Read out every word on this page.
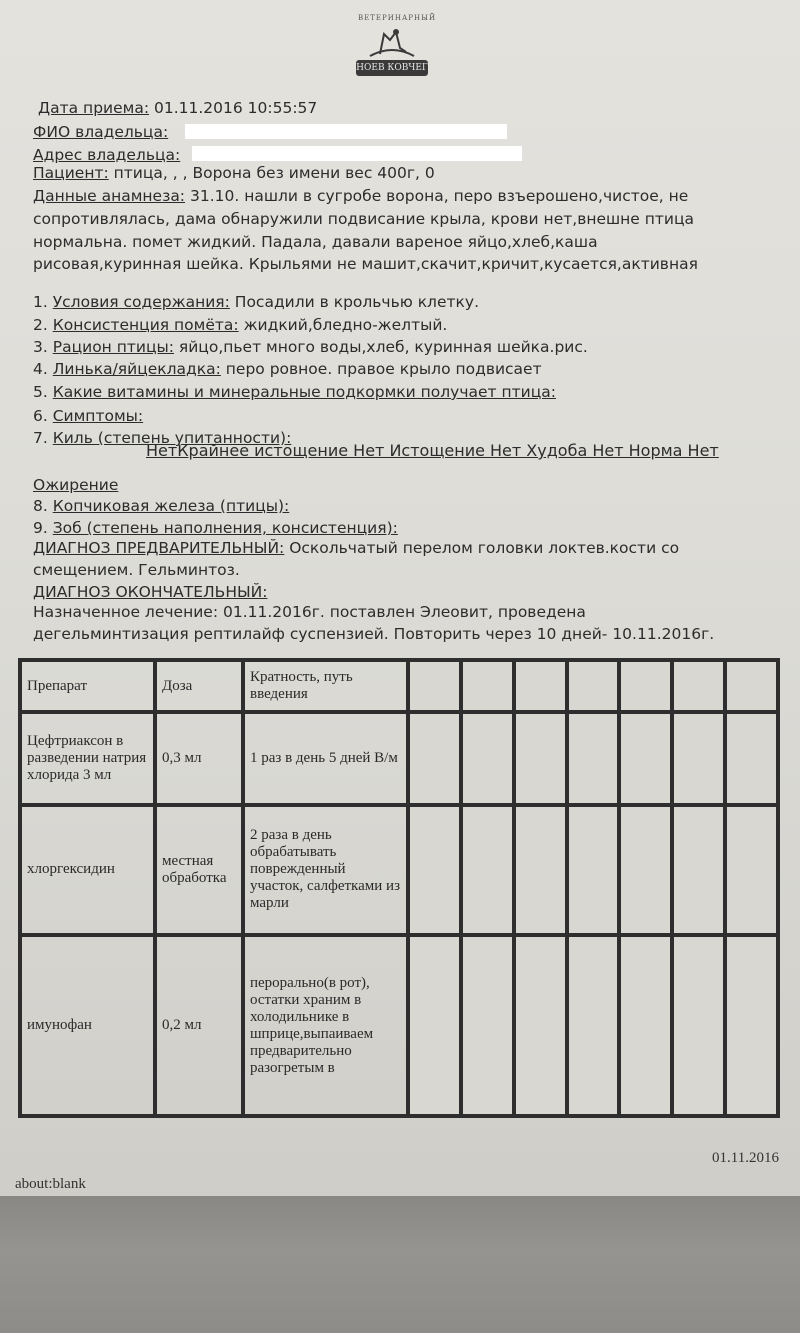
ВЕТЕРИНАРНЫЙ
НОЕВ КОВЧЕГ
Дата приема: 01.11.2016 10:55:57
ФИО владельца:
Адрес владельца:
Пациент: птица, , , Ворона без имени вес 400г, 0
Данные анамнеза: 31.10. нашли в сугробе ворона, перо взъерошено,чистое, не
сопротивлялась, дама обнаружили подвисание крыла, крови нет,внешне птица
нормальна. помет жидкий. Падала, давали вареное яйцо,хлеб,каша
рисовая,куринная шейка. Крыльями не машит,скачит,кричит,кусается,активная
1. Условия содержания: Посадили в крольчью клетку.
2. Консистенция помёта: жидкий,бледно-желтый.
3. Рацион птицы: яйцо,пьет много воды,хлеб, куринная шейка.рис.
4. Линька/яйцекладка: перо ровное. правое крыло подвисает
5. Какие витамины и минеральные подкормки получает птица:
6. Симптомы:
7. Киль (степень упитанности):
НетКрайнее истощение Нет Истощение Нет Худоба Нет Норма Нет
Ожирение
8. Копчиковая железа (птицы):
9. Зоб (степень наполнения, консистенция):
ДИАГНОЗ ПРЕДВАРИТЕЛЬНЫЙ: Оскольчатый перелом головки локтев.кости со
смещением. Гельминтоз.
ДИАГНОЗ ОКОНЧАТЕЛЬНЫЙ:
Назначенное лечение: 01.11.2016г. поставлен Элеовит, проведена
дегельминтизация рептилайф суспензией. Повторить через 10 дней- 10.11.2016г.
Препарат	Доза	Кратность, путь введения							
Цефтриаксон в разведении натрия хлорида 3 мл	0,3 мл	1 раз в день 5 дней В/м							
хлоргексидин	местная обработка	2 раза в день обрабатывать поврежденный участок, салфетками из марли							
имунофан	0,2 мл	перорально(в рот), остатки храним в холодильнике в шприце,выпаиваем предварительно разогретым в							
01.11.2016
about:blank
